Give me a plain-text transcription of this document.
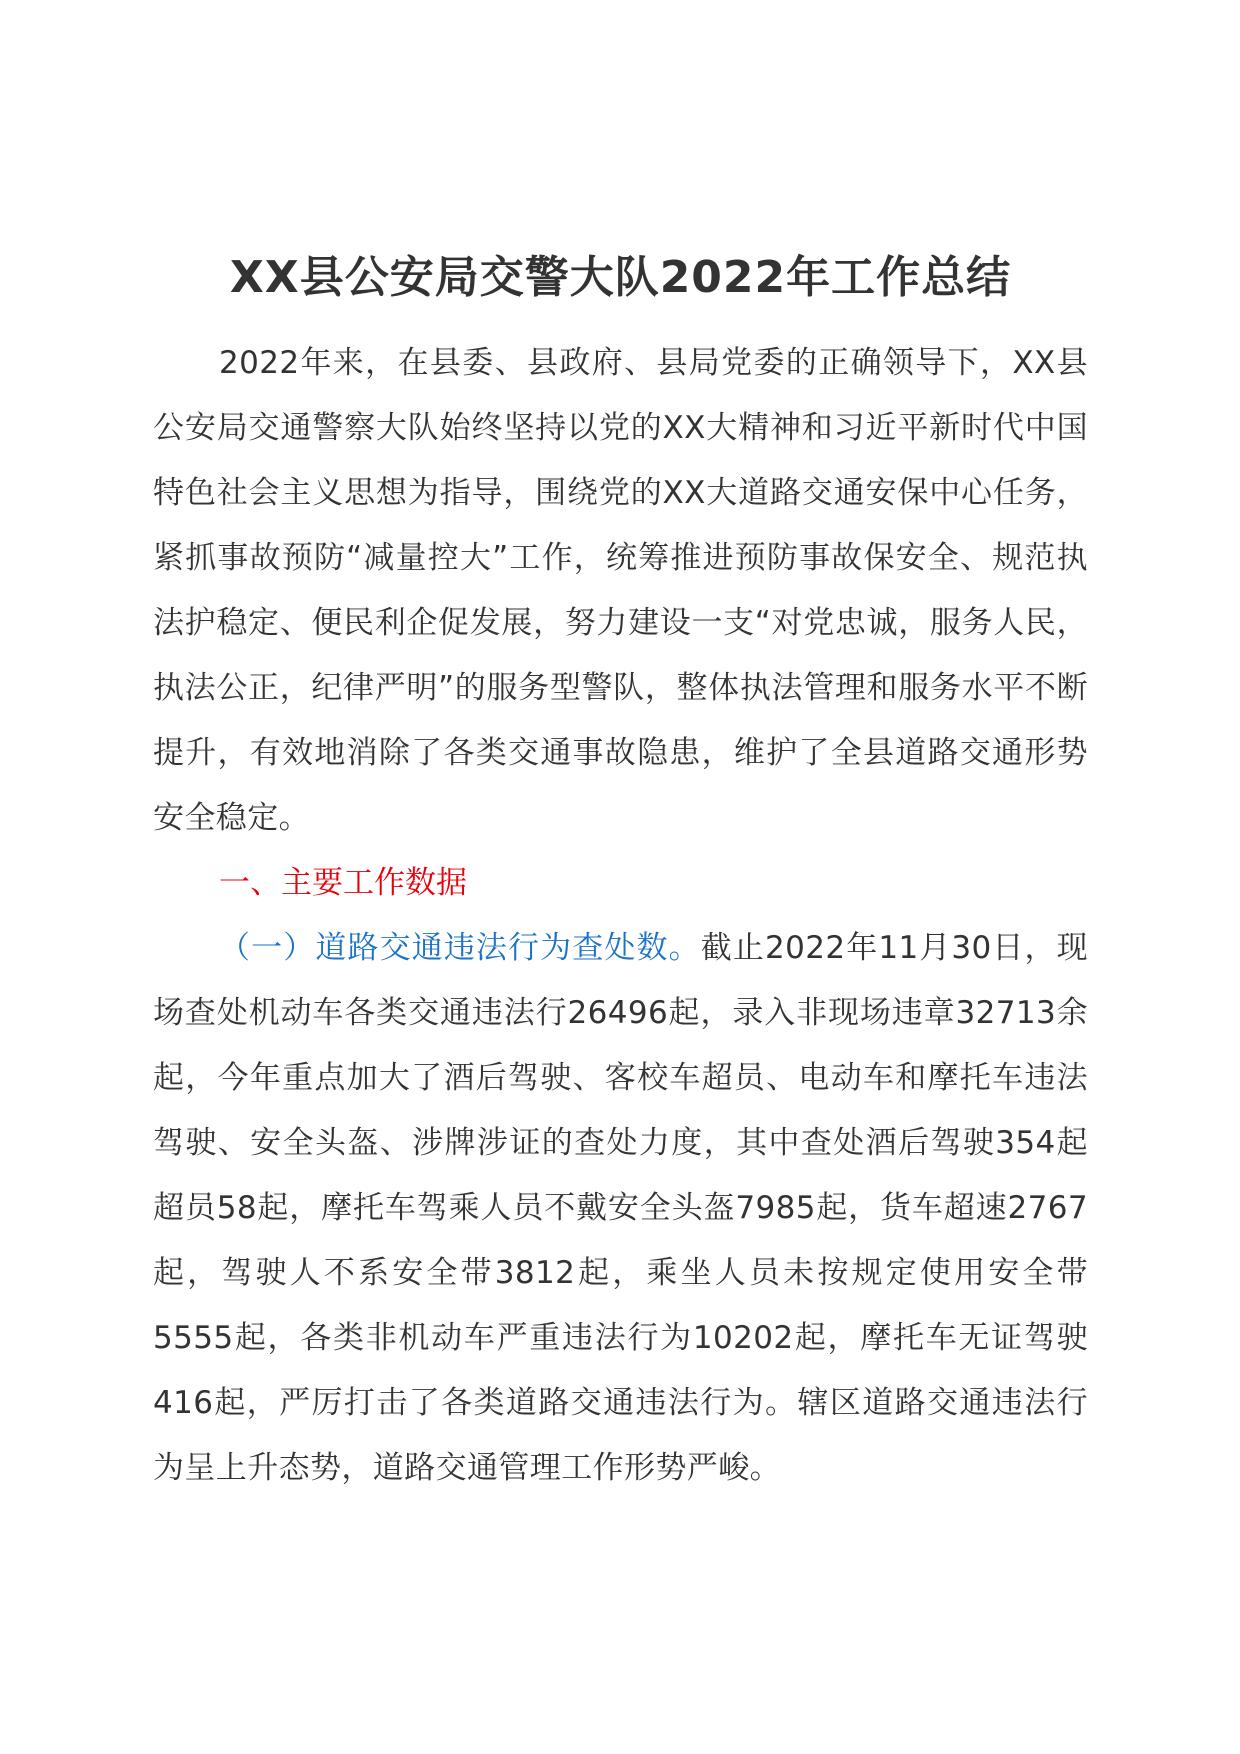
XX县公安局交警大队2022年工作总结

2022年来，在县委、县政府、县局党委的正确领导下，XX县公安局交通警察大队始终坚持以党的XX大精神和习近平新时代中国特色社会主义思想为指导，围绕党的XX大道路交通安保中心任务，紧抓事故预防“减量控大”工作，统筹推进预防事故保安全、规范执法护稳定、便民利企促发展，努力建设一支“对党忠诚，服务人民，执法公正，纪律严明”的服务型警队，整体执法管理和服务水平不断提升，有效地消除了各类交通事故隐患，维护了全县道路交通形势安全稳定。

一、主要工作数据

（一）道路交通违法行为查处数。截止2022年11月30日，现场查处机动车各类交通违法行26496起，录入非现场违章32713余起，今年重点加大了酒后驾驶、客校车超员、电动车和摩托车违法驾驶、安全头盔、涉牌涉证的查处力度，其中查处酒后驾驶354起超员58起，摩托车驾乘人员不戴安全头盔7985起，货车超速2767起，驾驶人不系安全带3812起，乘坐人员未按规定使用安全带5555起，各类非机动车严重违法行为10202起，摩托车无证驾驶416起，严厉打击了各类道路交通违法行为。辖区道路交通违法行为呈上升态势，道路交通管理工作形势严峻。
